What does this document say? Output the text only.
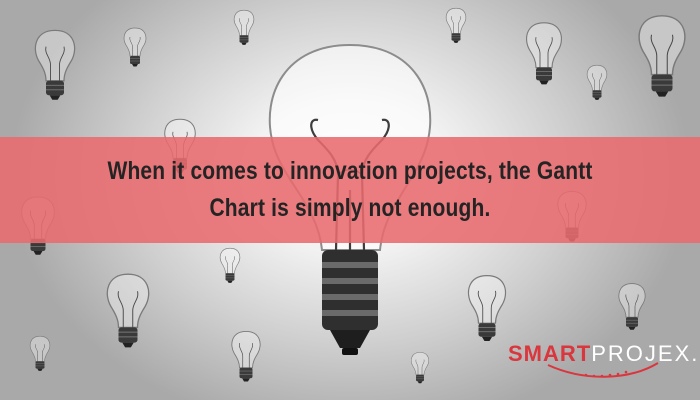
When it comes to innovation projects, the Gantt Chart is simply not enough.

SMARTPROJEX.
